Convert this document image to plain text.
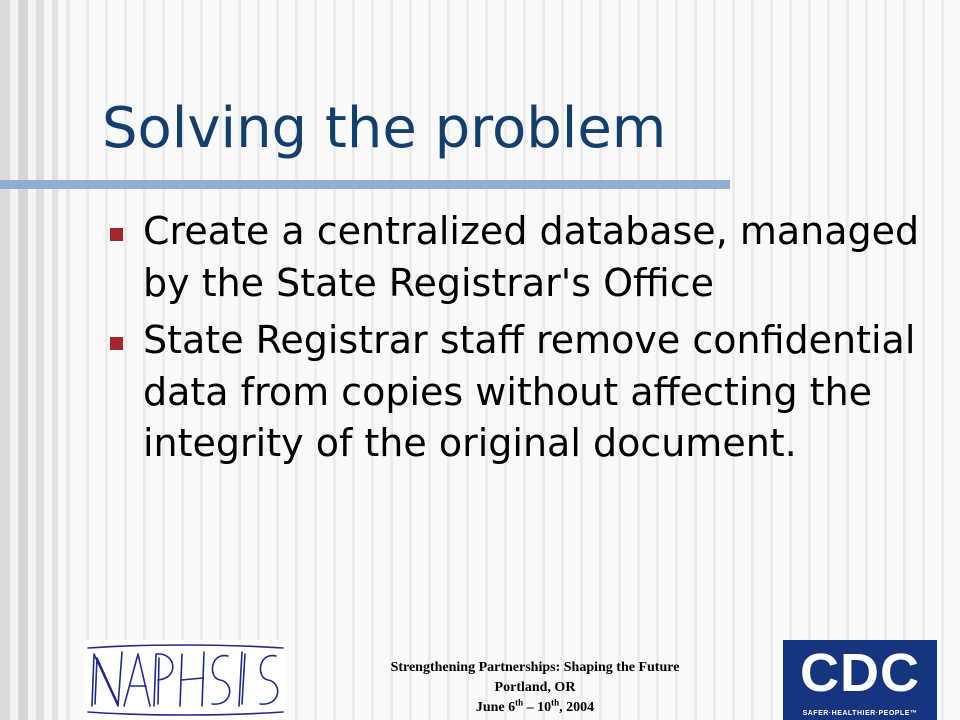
Solving the problem
Create a centralized database, managed by the State Registrar's Office
State Registrar staff remove confidential data from copies without affecting the integrity of the original document.
Strengthening Partnerships: Shaping the Future
Portland, OR
June 6th – 10th, 2004
CDC
SAFER·HEALTHIER·PEOPLE™
